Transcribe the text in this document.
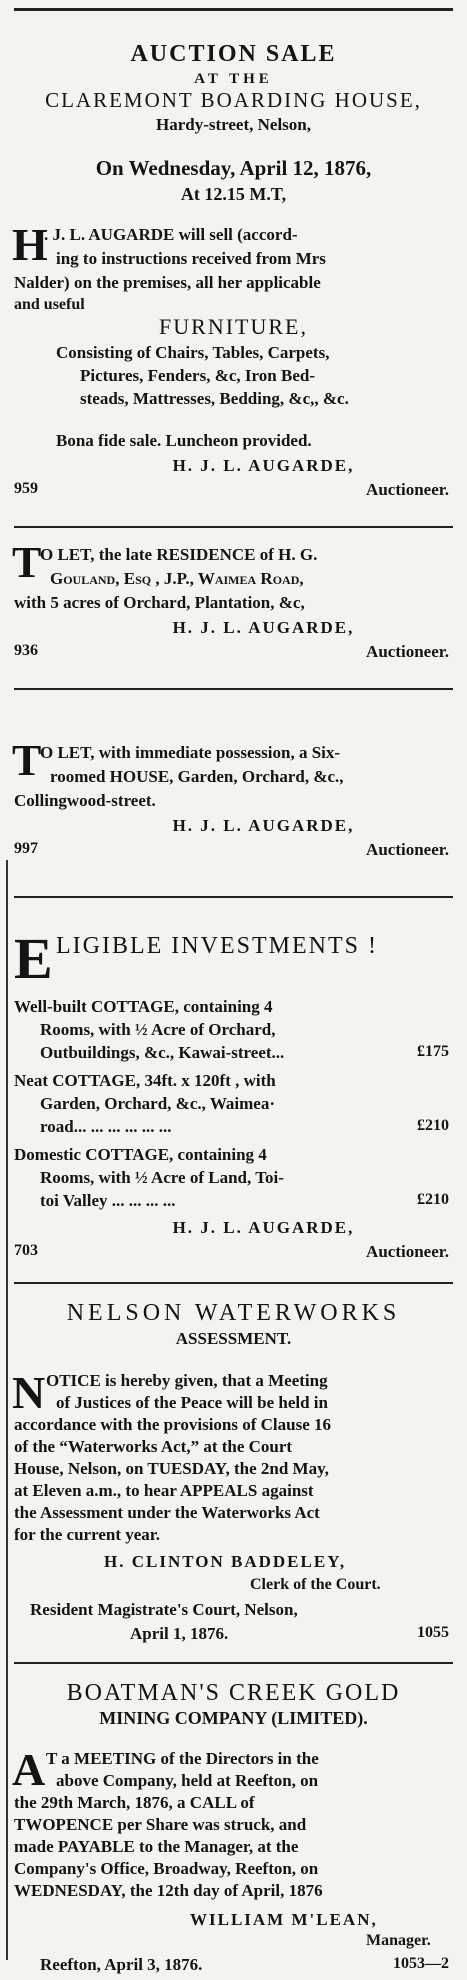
AUCTION SALE
AT THE
CLAREMONT BOARDING HOUSE,
Hardy-street, Nelson,
On Wednesday, April 12, 1876,
At 12.15 M.T,
H
. J. L. AUGARDE will sell (accord-
ing to instructions received from Mrs
Nalder) on the premises, all her applicable
and useful
FURNITURE,
Consisting of Chairs, Tables, Carpets,
Pictures, Fenders, &c, Iron Bed-
steads, Mattresses, Bedding, &c,, &c.
Bona fide sale. Luncheon provided.
H. J. L. AUGARDE,
959	Auctioneer.
T
O LET, the late RESIDENCE of H. G.
Gouland, Esq , J.P., Waimea Road,
with 5 acres of Orchard, Plantation, &c,
H. J. L. AUGARDE,
936	Auctioneer.
T
O LET, with immediate possession, a Six-
roomed HOUSE, Garden, Orchard, &c.,
Collingwood-street.
H. J. L. AUGARDE,
997	Auctioneer.
E LIGIBLE INVESTMENTS !
Well-built COTTAGE, containing 4
Rooms, with ½ Acre of Orchard,
Outbuildings, &c., Kawai-street...	£175
Neat COTTAGE, 34ft. x 120ft , with
Garden, Orchard, &c., Waimea·
road... ... ... ... ... ...	£210
Domestic COTTAGE, containing 4
Rooms, with ½ Acre of Land, Toi-
toi Valley ... ... ... ...	£210
H. J. L. AUGARDE,
703	Auctioneer.
NELSON WATERWORKS
ASSESSMENT.
N OTICE is hereby given, that a Meeting
of Justices of the Peace will be held in
accordance with the provisions of Clause 16
of the “Waterworks Act,” at the Court
House, Nelson, on TUESDAY, the 2nd May,
at Eleven a.m., to hear APPEALS against
the Assessment under the Waterworks Act
for the current year.
H. CLINTON BADDELEY,
Clerk of the Court.
Resident Magistrate's Court, Nelson,
April 1, 1876.	1055
BOATMAN'S CREEK GOLD
MINING COMPANY (LIMITED).
A T a MEETING of the Directors in the
above Company, held at Reefton, on
the 29th March, 1876, a CALL of
TWOPENCE per Share was struck, and
made PAYABLE to the Manager, at the
Company's Office, Broadway, Reefton, on
WEDNESDAY, the 12th day of April, 1876
WILLIAM M'LEAN,
Manager.
Reefton, April 3, 1876.	1053—2
